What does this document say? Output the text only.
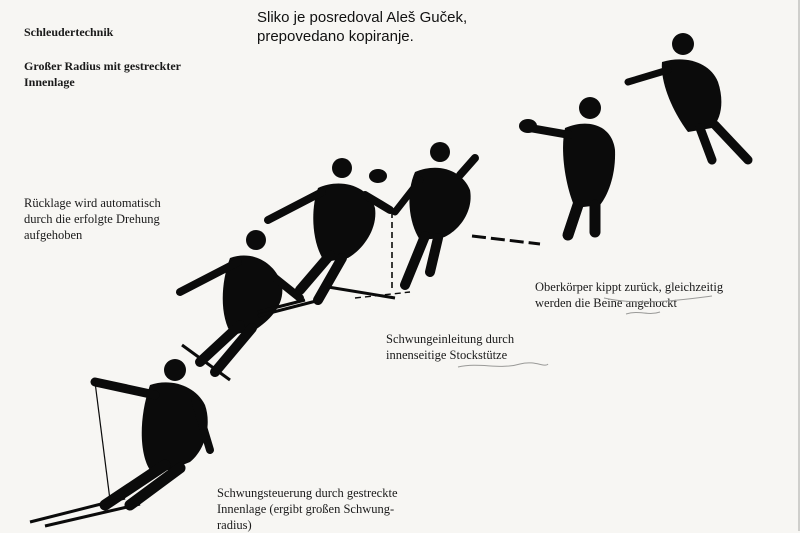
Schleudertechnik

Großer Radius mit gestreckter
Innenlage

Sliko je posredoval Aleš Guček,
prepovedano kopiranje.

Rücklage wird automatisch
durch die erfolgte Drehung
aufgehoben

Oberkörper kippt zurück, gleichzeitig
werden die Beine angehockt

Schwungeinleitung durch
innenseitige Stockstütze

Schwungsteuerung durch gestreckte
Innenlage (ergibt großen Schwung-
radius)
